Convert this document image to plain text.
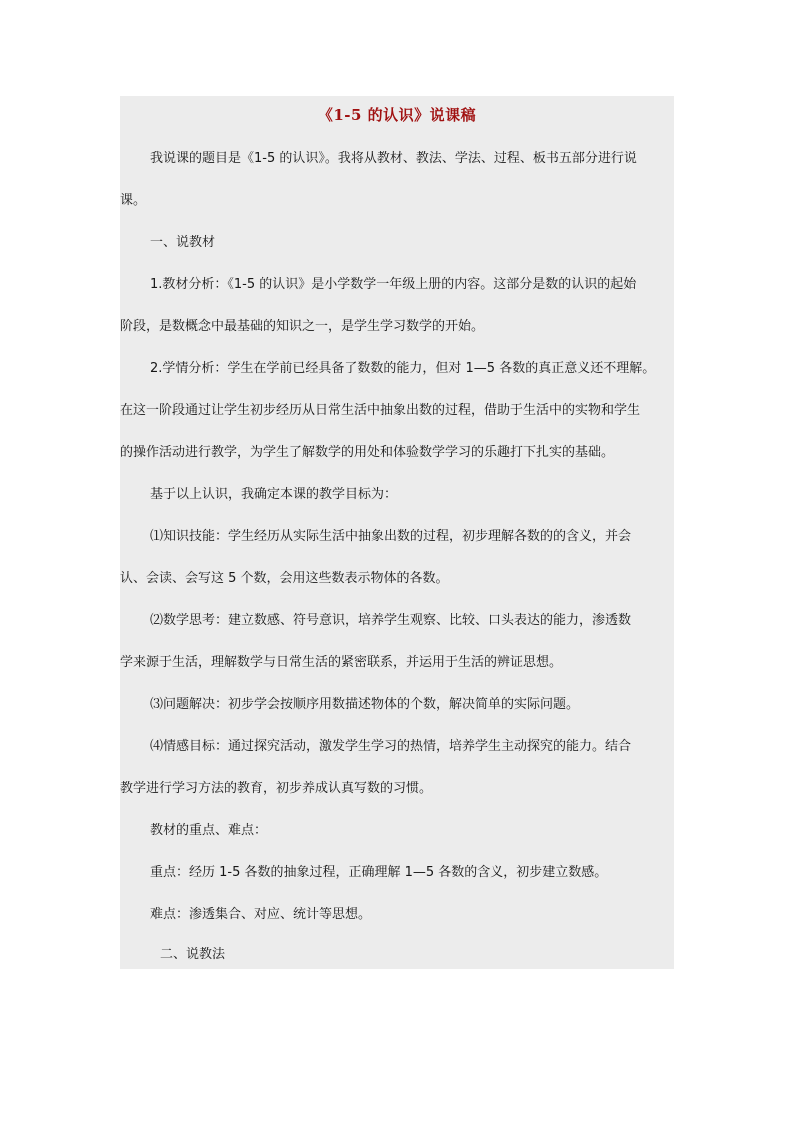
《1-5 的认识》说课稿

我说课的题目是《1-5 的认识》。我将从教材、教法、学法、过程、板书五部分进行说

课。

一、说教材

1.教材分析：《1-5 的认识》是小学数学一年级上册的内容。这部分是数的认识的起始

阶段，是数概念中最基础的知识之一，是学生学习数学的开始。

2.学情分析：学生在学前已经具备了数数的能力，但对 1—5 各数的真正意义还不理解。

在这一阶段通过让学生初步经历从日常生活中抽象出数的过程，借助于生活中的实物和学生

的操作活动进行教学，为学生了解数学的用处和体验数学学习的乐趣打下扎实的基础。

基于以上认识，我确定本课的教学目标为：

⑴知识技能：学生经历从实际生活中抽象出数的过程，初步理解各数的的含义，并会

认、会读、会写这 5 个数，会用这些数表示物体的各数。

⑵数学思考：建立数感、符号意识，培养学生观察、比较、口头表达的能力，渗透数

学来源于生活，理解数学与日常生活的紧密联系，并运用于生活的辨证思想。

⑶问题解决：初步学会按顺序用数描述物体的个数，解决简单的实际问题。

⑷情感目标：通过探究活动，激发学生学习的热情，培养学生主动探究的能力。结合

教学进行学习方法的教育，初步养成认真写数的习惯。

教材的重点、难点：

重点：经历 1-5 各数的抽象过程，正确理解 1—5 各数的含义，初步建立数感。

难点：渗透集合、对应、统计等思想。

二、说教法
